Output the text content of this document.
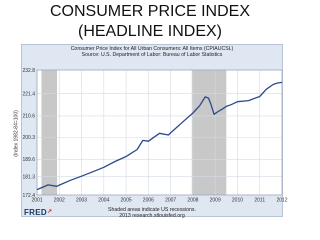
CONSUMER PRICE INDEX
(HEADLINE INDEX)
Consumer Price Index for All Urban Consumers: All Items (CPIAUCSL)
Source: U.S. Department of Labor: Bureau of Labor Statistics
232.8
221.4
210.6
200.3
189.6
181.3
172.4
2001 2002 2003 2004 2005 2006 2007 2008 2009 2010 2011 2012
(Index 1982-84=100)
FRED↗	Shaded areas indicate US recessions.
2013 research.stlouisfed.org
